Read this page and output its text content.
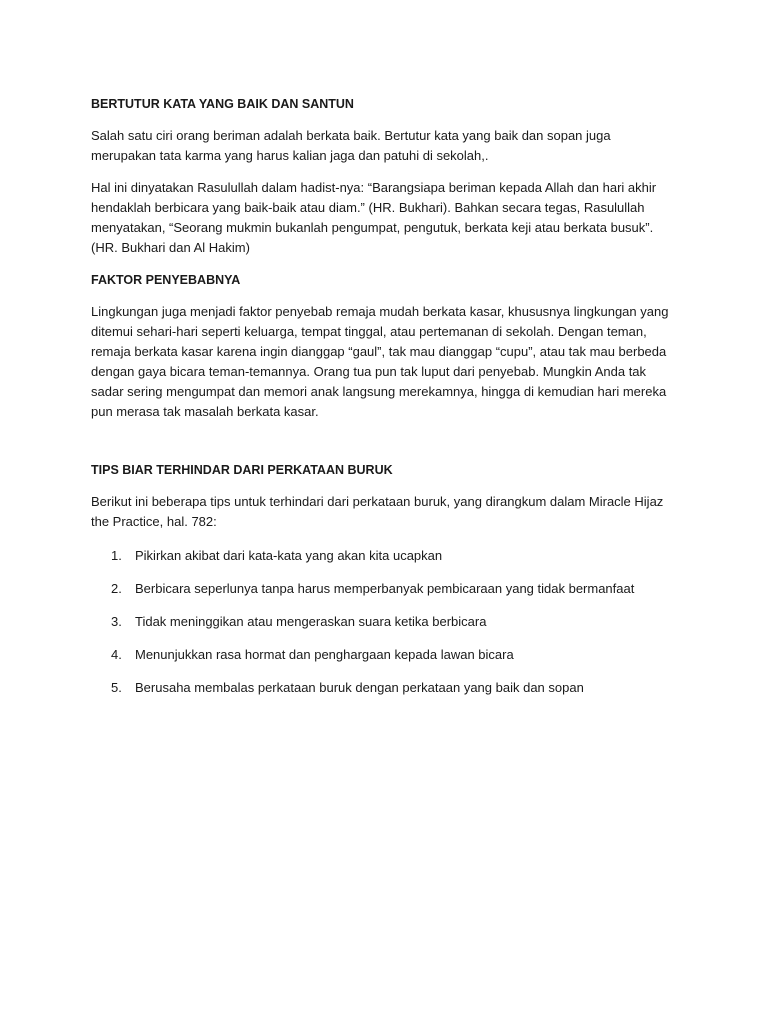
BERTUTUR KATA YANG BAIK DAN SANTUN

Salah satu ciri orang beriman adalah berkata baik. Bertutur kata yang baik dan sopan juga merupakan tata karma yang harus kalian jaga dan patuhi di sekolah,.

Hal ini dinyatakan Rasulullah dalam hadist-nya: “Barangsiapa beriman kepada Allah dan hari akhir hendaklah berbicara yang baik-baik atau diam.” (HR. Bukhari). Bahkan secara tegas, Rasulullah menyatakan, “Seorang mukmin bukanlah pengumpat, pengutuk, berkata keji atau berkata busuk”. (HR. Bukhari dan Al Hakim)

FAKTOR PENYEBABNYA

Lingkungan juga menjadi faktor penyebab remaja mudah berkata kasar, khususnya lingkungan yang ditemui sehari-hari seperti keluarga, tempat tinggal, atau pertemanan di sekolah. Dengan teman, remaja berkata kasar karena ingin dianggap “gaul”, tak mau dianggap “cupu”, atau tak mau berbeda dengan gaya bicara teman-temannya. Orang tua pun tak luput dari penyebab. Mungkin Anda tak sadar sering mengumpat dan memori anak langsung merekamnya, hingga di kemudian hari mereka pun merasa tak masalah berkata kasar.

TIPS BIAR TERHINDAR DARI PERKATAAN BURUK

Berikut ini beberapa tips untuk terhindari dari perkataan buruk, yang dirangkum dalam Miracle Hijaz the Practice, hal. 782:

1.	Pikirkan akibat dari kata-kata yang akan kita ucapkan
2.	Berbicara seperlunya tanpa harus memperbanyak pembicaraan yang tidak bermanfaat
3.	Tidak meninggikan atau mengeraskan suara ketika berbicara
4.	Menunjukkan rasa hormat dan penghargaan kepada lawan bicara
5.	Berusaha membalas perkataan buruk dengan perkataan yang baik dan sopan
